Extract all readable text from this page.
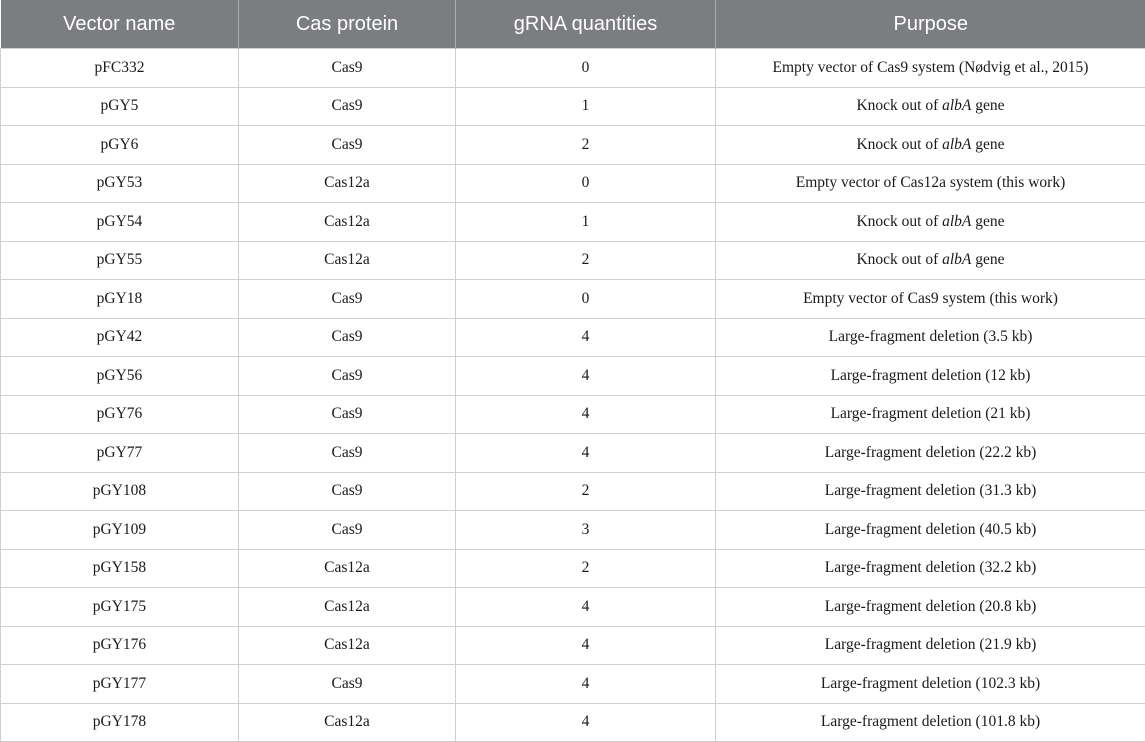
Vector name	Cas protein	gRNA quantities	Purpose
pFC332	Cas9	0	Empty vector of Cas9 system (Nødvig et al., 2015)
pGY5	Cas9	1	Knock out of albA gene
pGY6	Cas9	2	Knock out of albA gene
pGY53	Cas12a	0	Empty vector of Cas12a system (this work)
pGY54	Cas12a	1	Knock out of albA gene
pGY55	Cas12a	2	Knock out of albA gene
pGY18	Cas9	0	Empty vector of Cas9 system (this work)
pGY42	Cas9	4	Large-fragment deletion (3.5 kb)
pGY56	Cas9	4	Large-fragment deletion (12 kb)
pGY76	Cas9	4	Large-fragment deletion (21 kb)
pGY77	Cas9	4	Large-fragment deletion (22.2 kb)
pGY108	Cas9	2	Large-fragment deletion (31.3 kb)
pGY109	Cas9	3	Large-fragment deletion (40.5 kb)
pGY158	Cas12a	2	Large-fragment deletion (32.2 kb)
pGY175	Cas12a	4	Large-fragment deletion (20.8 kb)
pGY176	Cas12a	4	Large-fragment deletion (21.9 kb)
pGY177	Cas9	4	Large-fragment deletion (102.3 kb)
pGY178	Cas12a	4	Large-fragment deletion (101.8 kb)
